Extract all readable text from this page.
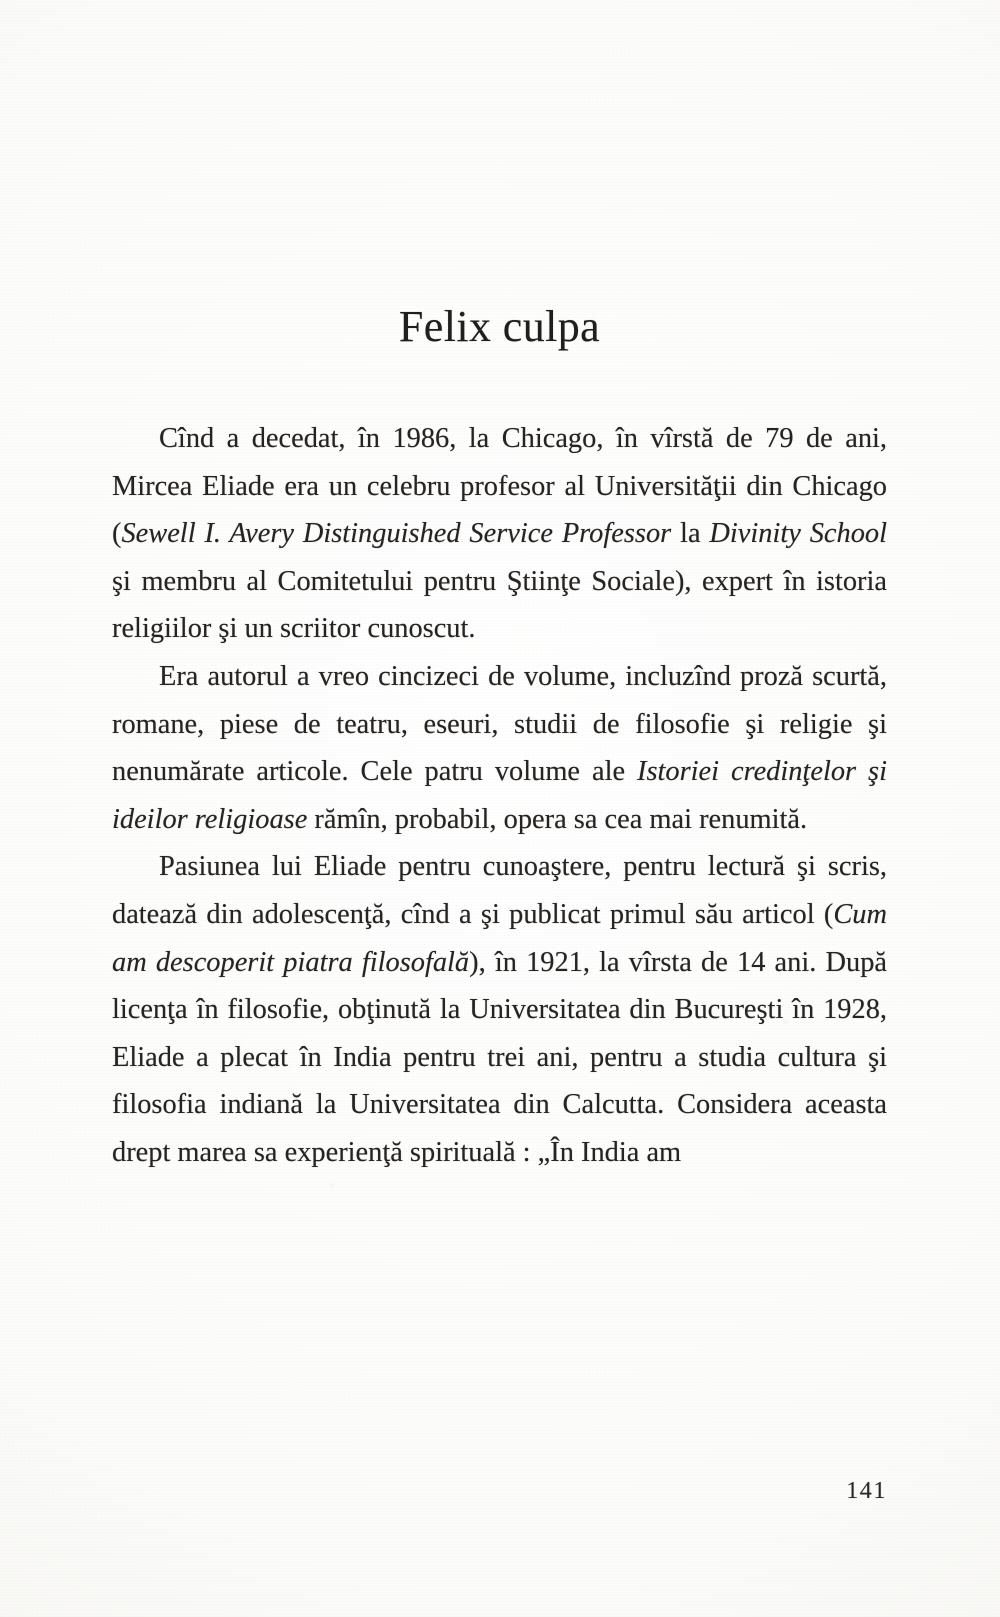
Felix culpa

Cînd a decedat, în 1986, la Chicago, în vîrstă de 79 de ani, Mircea Eliade era un celebru profesor al Universităţii din Chicago (Sewell I. Avery Distinguished Service Professor la Divinity School şi membru al Comitetului pentru Ştiinţe Sociale), expert în istoria religiilor şi un scriitor cunoscut.

Era autorul a vreo cincizeci de volume, incluzînd proză scurtă, romane, piese de teatru, eseuri, studii de filosofie şi religie şi nenumărate articole. Cele patru volume ale Istoriei credinţelor şi ideilor religioase rămîn, probabil, opera sa cea mai renumită.

Pasiunea lui Eliade pentru cunoaştere, pentru lectură şi scris, datează din adolescenţă, cînd a şi publicat primul său articol (Cum am descoperit piatra filosofală), în 1921, la vîrsta de 14 ani. După licenţa în filosofie, obţinută la Universitatea din Bucureşti în 1928, Eliade a plecat în India pentru trei ani, pentru a studia cultura şi filosofia indiană la Universitatea din Calcutta. Considera aceasta drept marea sa experienţă spirituală : „În India am

141
